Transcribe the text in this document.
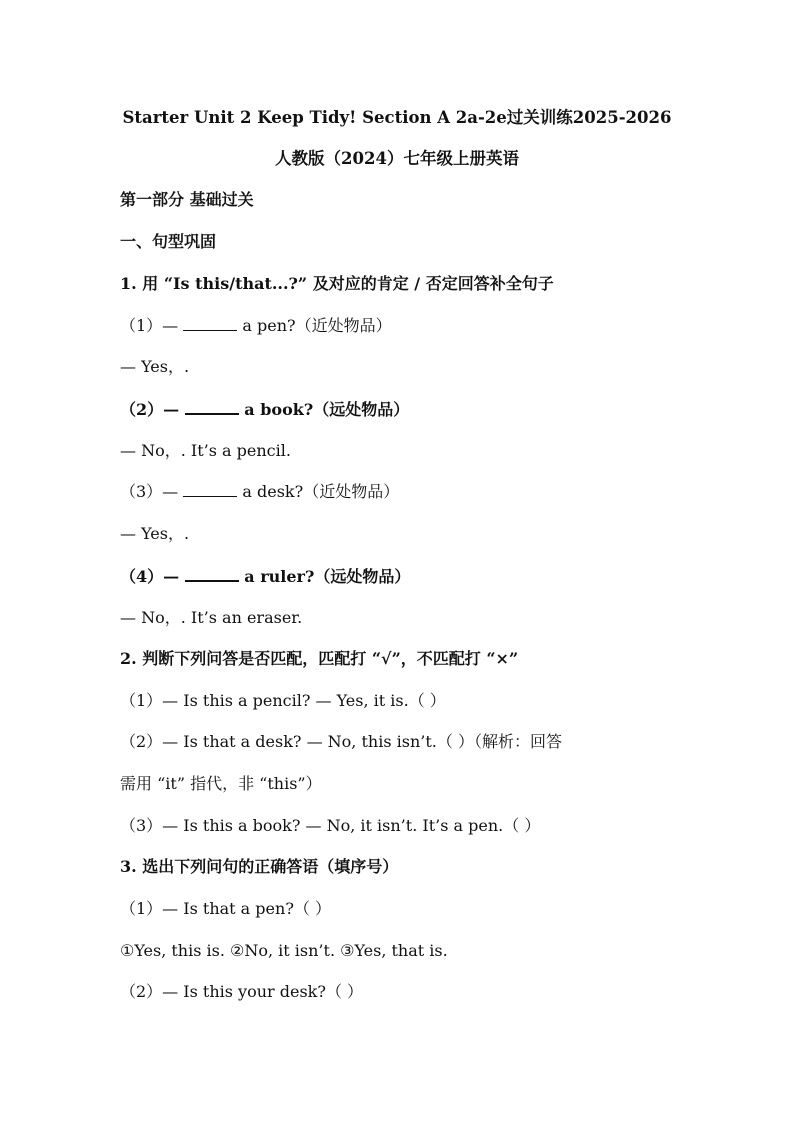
Starter Unit 2 Keep Tidy! Section A 2a-2e过关训练2025-2026
人教版（2024）七年级上册英语
第一部分 基础过关
一、句型巩固
1. 用 “Is this/that...?” 及对应的肯定 / 否定回答补全句子
（1）—	a pen?（近处物品）
— Yes，.
（2）—	a book?（远处物品）
— No，. It’s a pencil.
（3）—	a desk?（近处物品）
— Yes，.
（4）—	a ruler?（远处物品）
— No，. It’s an eraser.
2. 判断下列问答是否匹配，匹配打 “√”，不匹配打 “×”
（1）— Is this a pencil? — Yes, it is.（ ）
（2）— Is that a desk? — No, this isn’t.（ ）（解析：回答
需用 “it” 指代，非 “this”）
（3）— Is this a book? — No, it isn’t. It’s a pen.（ ）
3. 选出下列问句的正确答语（填序号）
（1）— Is that a pen?（ ）
①Yes, this is. ②No, it isn’t. ③Yes, that is.
（2）— Is this your desk?（ ）
